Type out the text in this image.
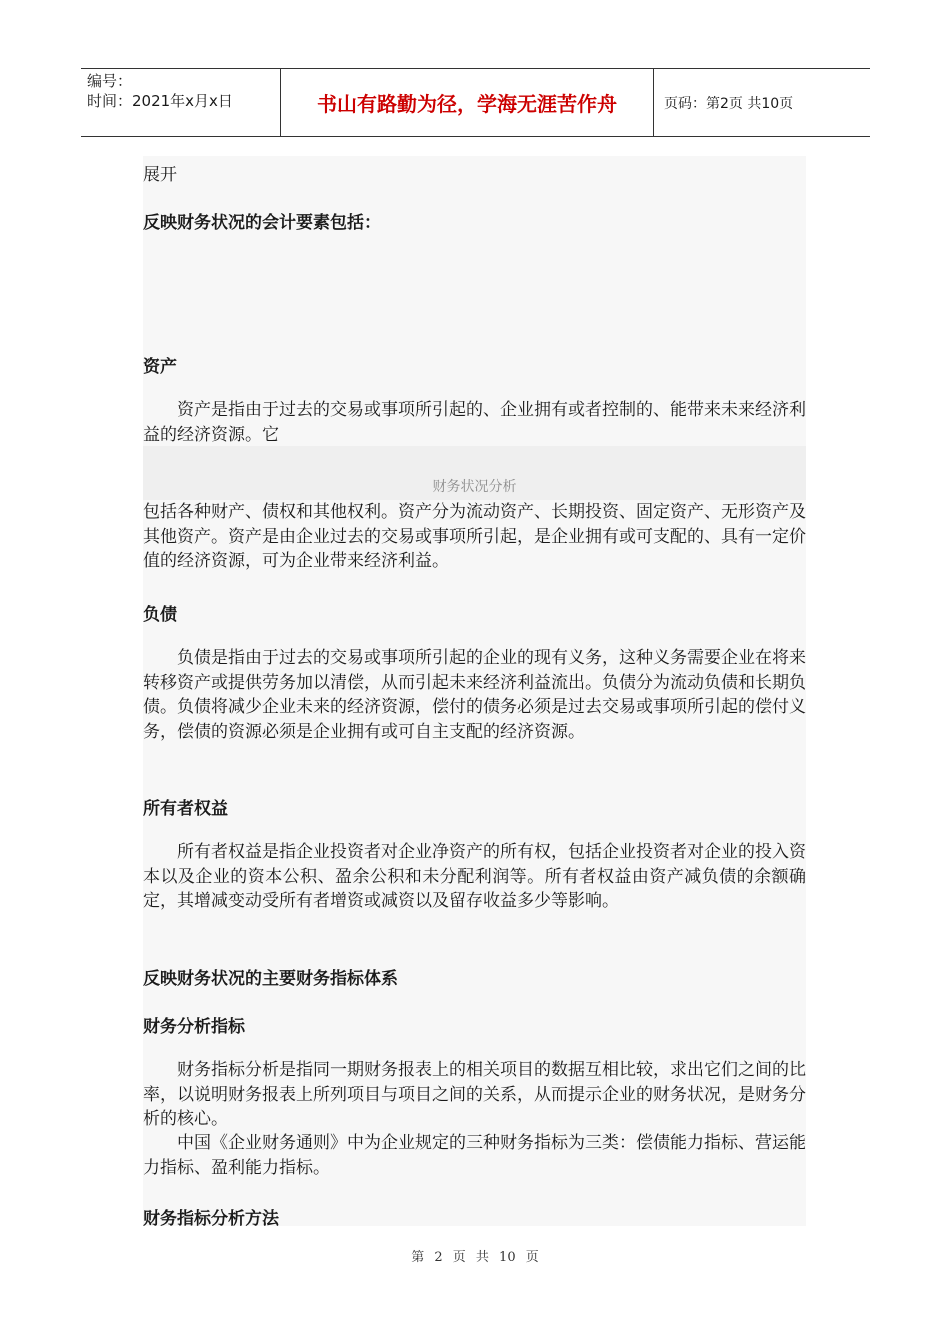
编号：
时间：2021年x月x日	书山有路勤为径，学海无涯苦作舟	页码：第2页 共10页
展开
反映财务状况的会计要素包括：
资产
资产是指由于过去的交易或事项所引起的、企业拥有或者控制的、能带来未来经济利益的经济资源。它
财务状况分析
包括各种财产、债权和其他权利。资产分为流动资产、长期投资、固定资产、无形资产及其他资产。资产是由企业过去的交易或事项所引起，是企业拥有或可支配的、具有一定价值的经济资源，可为企业带来经济利益。
负债
负债是指由于过去的交易或事项所引起的企业的现有义务，这种义务需要企业在将来转移资产或提供劳务加以清偿，从而引起未来经济利益流出。负债分为流动负债和长期负债。负债将减少企业未来的经济资源，偿付的债务必须是过去交易或事项所引起的偿付义务，偿债的资源必须是企业拥有或可自主支配的经济资源。
所有者权益
所有者权益是指企业投资者对企业净资产的所有权，包括企业投资者对企业的投入资本以及企业的资本公积、盈余公积和未分配利润等。所有者权益由资产减负债的余额确定，其增减变动受所有者增资或减资以及留存收益多少等影响。
反映财务状况的主要财务指标体系
财务分析指标
财务指标分析是指同一期财务报表上的相关项目的数据互相比较，求出它们之间的比率，以说明财务报表上所列项目与项目之间的关系，从而提示企业的财务状况，是财务分析的核心。
中国《企业财务通则》中为企业规定的三种财务指标为三类：偿债能力指标、营运能力指标、盈利能力指标。
财务指标分析方法
第 2 页 共 10 页
